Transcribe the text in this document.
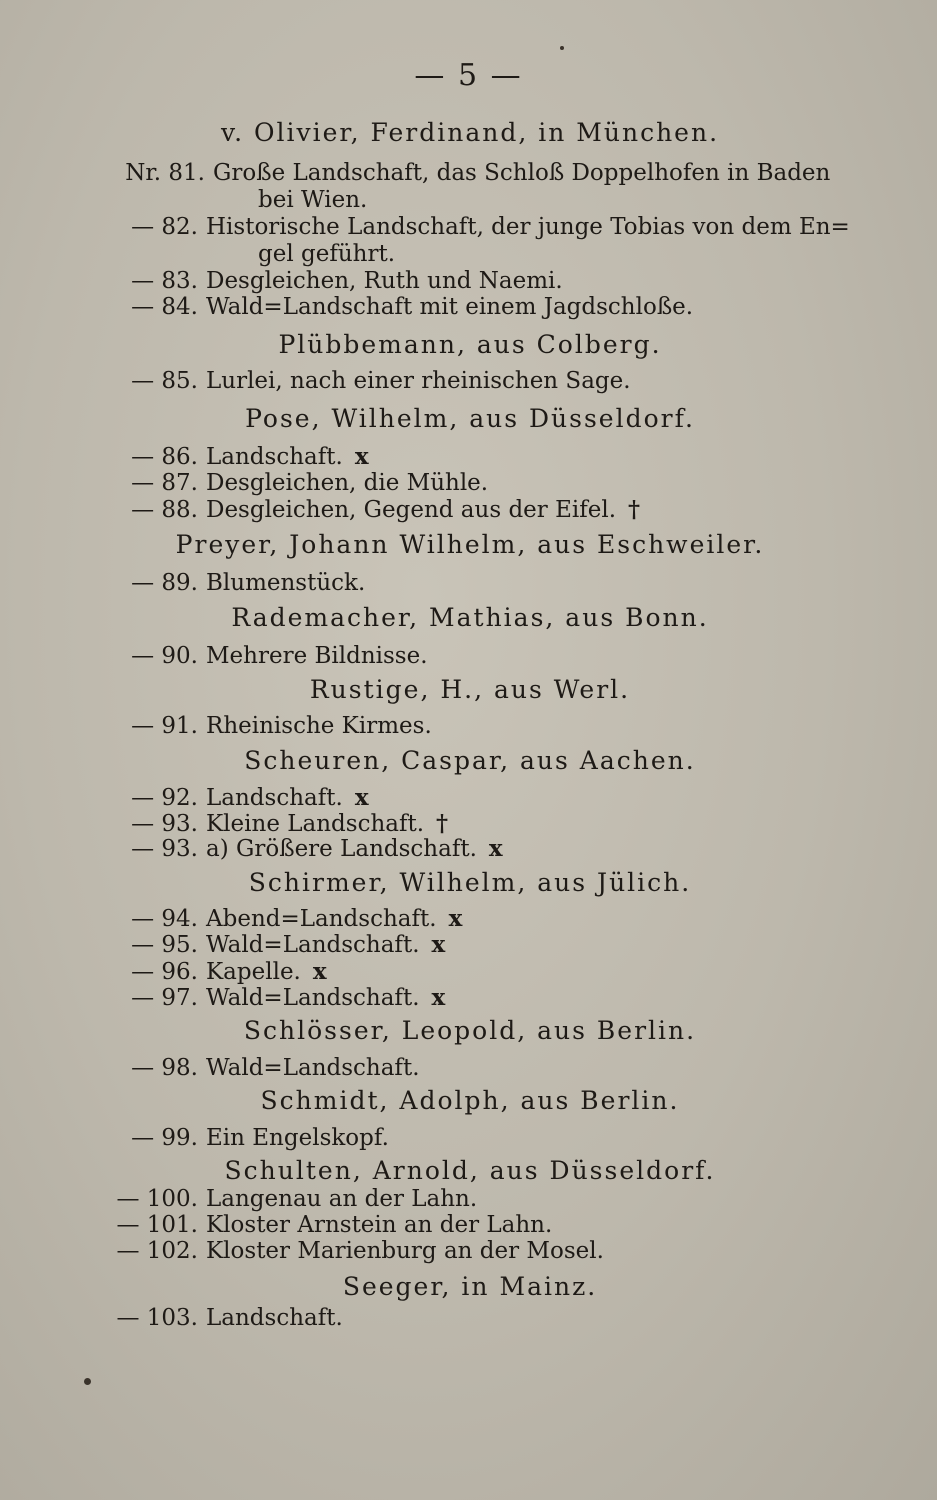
— 5 —
v. Olivier, Ferdinand, in München.
Nr. 81. Große Landschaft, das Schloß Doppelhofen in Baden
bei Wien.
— 82. Historische Landschaft, der junge Tobias von dem En=
gel geführt.
— 83. Desgleichen, Ruth und Naemi.
— 84. Wald=Landschaft mit einem Jagdschloße.
Plübbemann, aus Colberg.
— 85. Lurlei, nach einer rheinischen Sage.
Pose, Wilhelm, aus Düsseldorf.
— 86. Landschaft. x
— 87. Desgleichen, die Mühle.
— 88. Desgleichen, Gegend aus der Eifel. †
Preyer, Johann Wilhelm, aus Eschweiler.
— 89. Blumenstück.
Rademacher, Mathias, aus Bonn.
— 90. Mehrere Bildnisse.
Rustige, H., aus Werl.
— 91. Rheinische Kirmes.
Scheuren, Caspar, aus Aachen.
— 92. Landschaft. x
— 93. Kleine Landschaft. †
— 93. a) Größere Landschaft. x
Schirmer, Wilhelm, aus Jülich.
— 94. Abend=Landschaft. x
— 95. Wald=Landschaft. x
— 96. Kapelle. x
— 97. Wald=Landschaft. x
Schlösser, Leopold, aus Berlin.
— 98. Wald=Landschaft.
Schmidt, Adolph, aus Berlin.
— 99. Ein Engelskopf.
Schulten, Arnold, aus Düsseldorf.
— 100. Langenau an der Lahn.
— 101. Kloster Arnstein an der Lahn.
— 102. Kloster Marienburg an der Mosel.
Seeger, in Mainz.
— 103. Landschaft.
